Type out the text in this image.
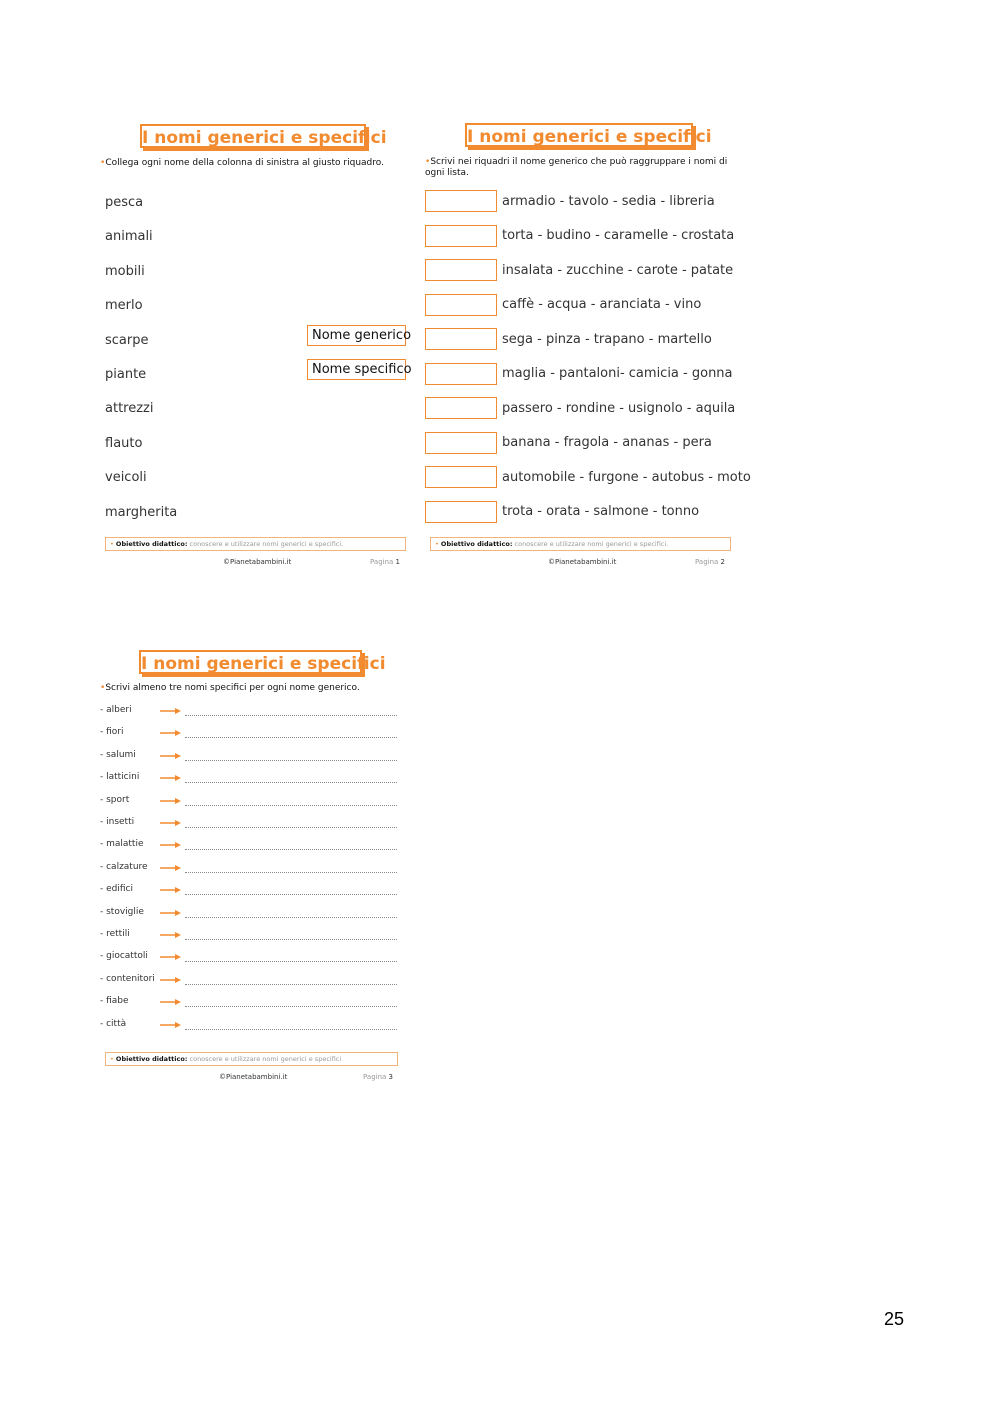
I nomi generici e specifici
•Collega ogni nome della colonna di sinistra al giusto riquadro.
pesca
animali
mobili
merlo
scarpe
piante
attrezzi
flauto
veicoli
margherita
Nome generico
Nome specifico
• Obiettivo didattico: conoscere e utilizzare nomi generici e specifici.
©Pianetabambini.it	Pagina 1
I nomi generici e specifici
•Scrivi nei riquadri il nome generico che può raggruppare i nomi di ogni lista.
armadio - tavolo - sedia - libreria
torta - budino - caramelle - crostata
insalata - zucchine - carote - patate
caffè - acqua - aranciata - vino
sega - pinza - trapano - martello
maglia - pantaloni- camicia - gonna
passero - rondine - usignolo - aquila
banana - fragola - ananas - pera
automobile - furgone - autobus - moto
trota - orata - salmone - tonno
• Obiettivo didattico: conoscere e utilizzare nomi generici e specifici.
©Pianetabambini.it	Pagina 2
I nomi generici e specifici
•Scrivi almeno tre nomi specifici per ogni nome generico.
- alberi
- fiori
- salumi
- latticini
- sport
- insetti
- malattie
- calzature
- edifici
- stoviglie
- rettili
- giocattoli
- contenitori
- fiabe
- città
• Obiettivo didattico: conoscere e utilizzare nomi generici e specifici
©Pianetabambini.it	Pagina 3
25
